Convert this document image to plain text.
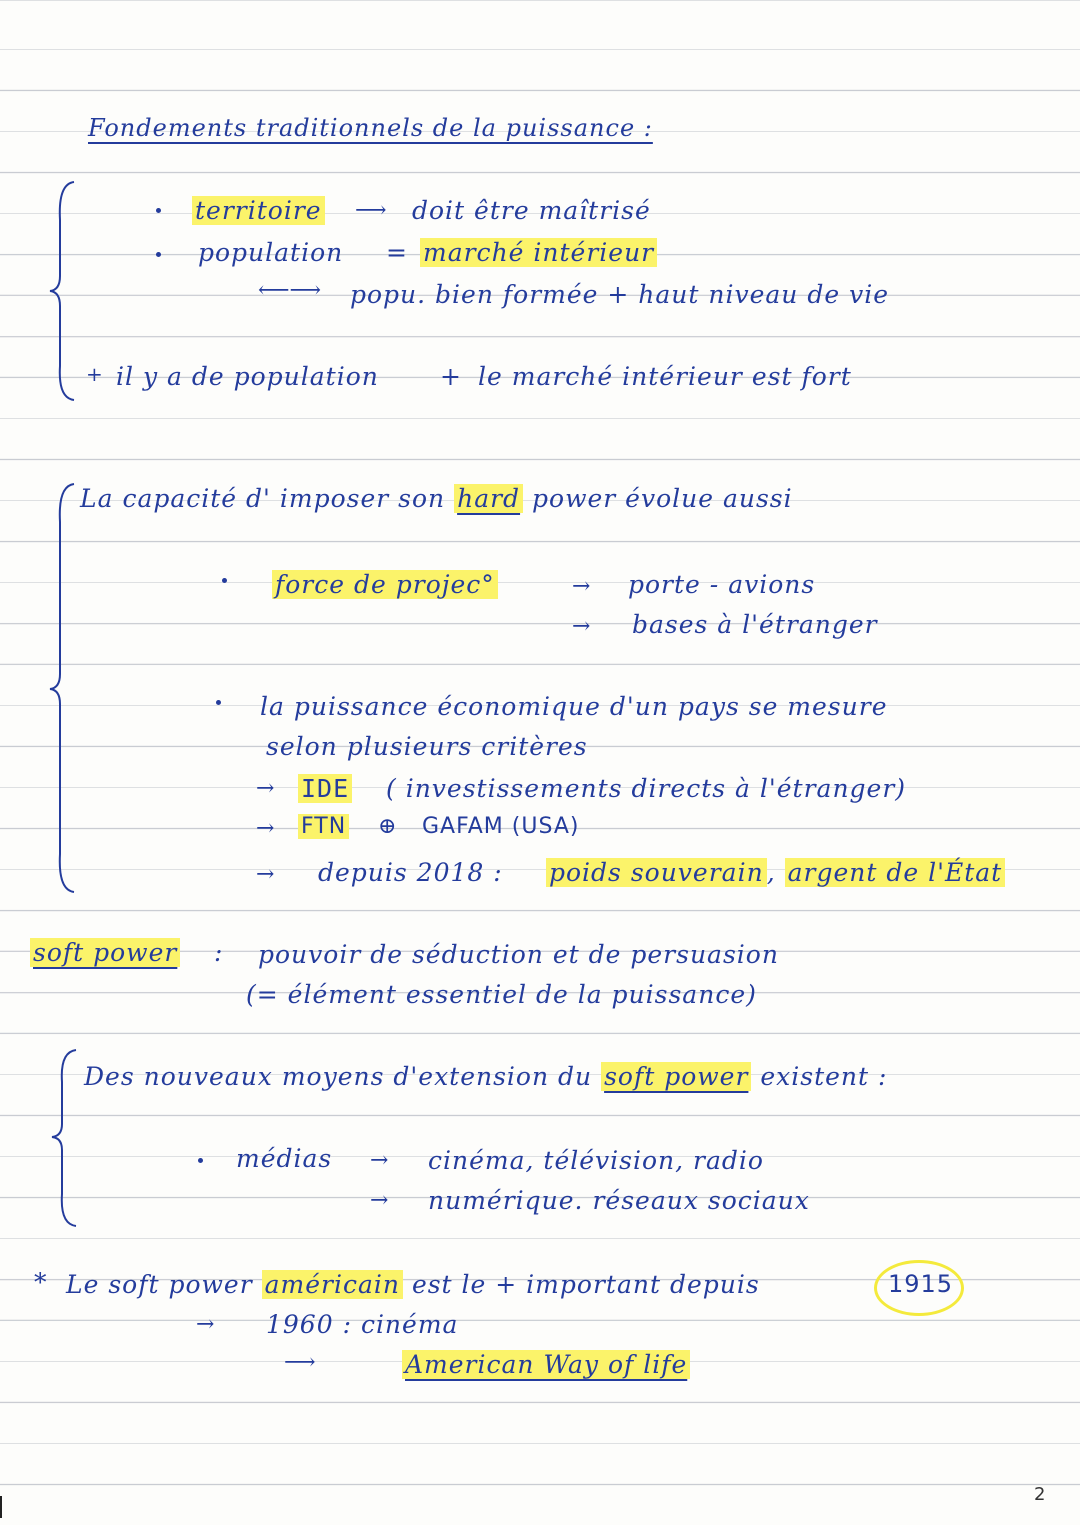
Fondements traditionnels de la puissance :
territoire ⟶ doit être maîtrisé
population = marché intérieur
⟵⟶ popu. bien formée + haut niveau de vie
+ il y a de population + le marché intérieur est fort
La capacité d' imposer son hard power évolue aussi
force de projec°	→ porte - avions
→ bases à l'étranger
la puissance économique d'un pays se mesure
selon plusieurs critères
→ IDE ( investissements directs à l'étranger)
→ FTN ⊕ GAFAM (USA)
→ depuis 2018 : poids souverain , argent de l'État
soft power : pouvoir de séduction et de persuasion
(= élément essentiel de la puissance)
Des nouveaux moyens d'extension du soft power existent :
médias → cinéma, télévision, radio
→ numérique. réseaux sociaux
* Le soft power américain est le + important depuis	1915
→ 1960 : cinéma
⟶	American Way of life
2
